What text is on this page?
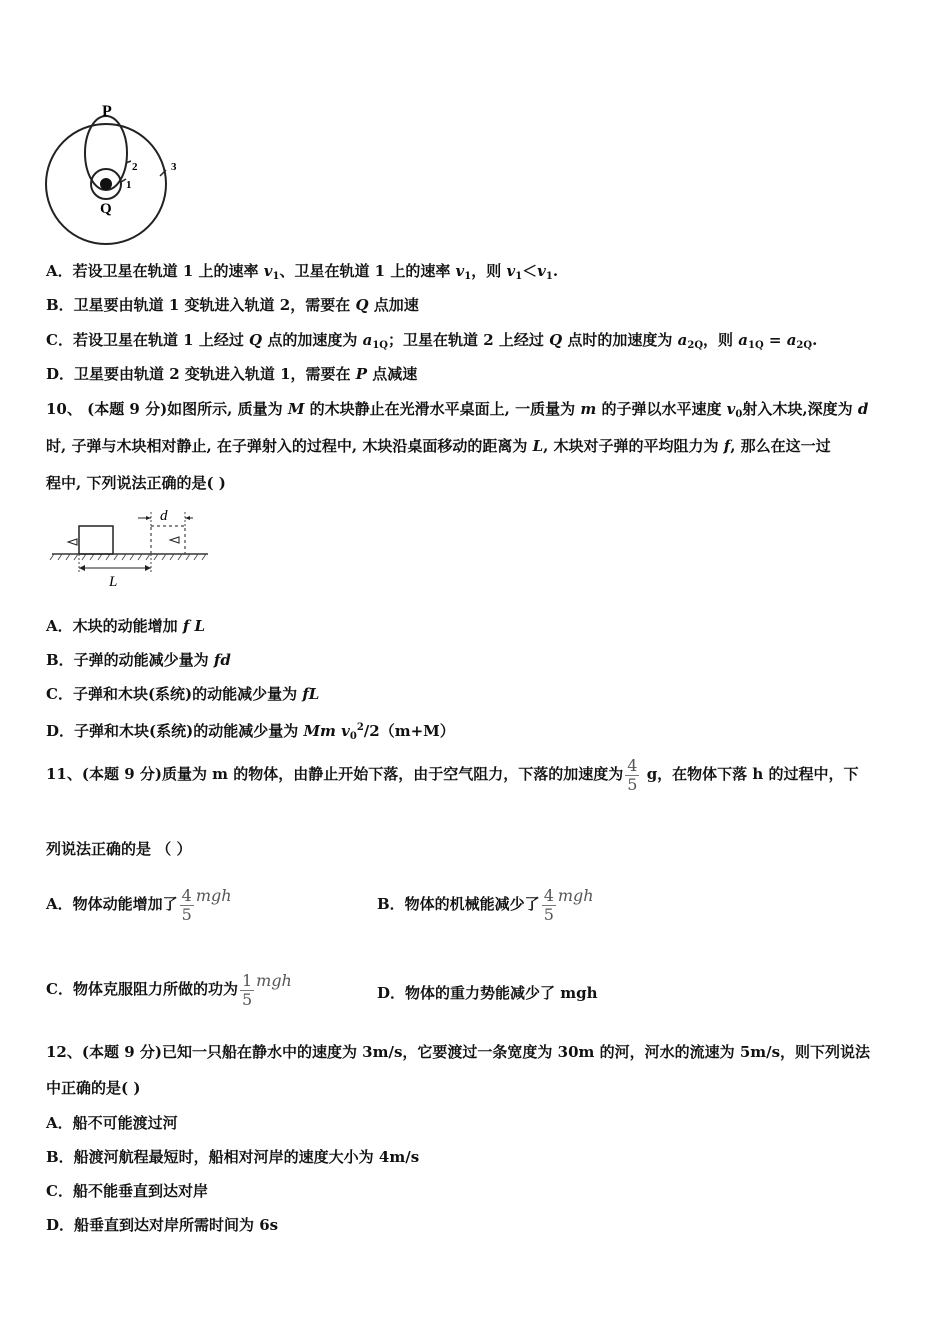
P
Q
1
2	3
A．若设卫星在轨道 1 上的速率 $v_1$、卫星在轨道 1 上的速率 $v_1$，则 $v_1<v_1$.
B．卫星要由轨道 1 变轨进入轨道 2，需要在 Q 点加速
C．若设卫星在轨道 1 上经过 Q 点的加速度为 $a_{1Q}$；卫星在轨道 2 上经过 Q 点时的加速度为 $a_{2Q}$，则 $a_{1Q} = a_{2Q}$.
D．卫星要由轨道 2 变轨进入轨道 1，需要在 P 点减速
10、 (本题 9 分)如图所示, 质量为 M 的木块静止在光滑水平桌面上, 一质量为 m 的子弹以水平速度 $v_0$射入木块,深度为 d
时, 子弹与木块相对静止, 在子弹射入的过程中, 木块沿桌面移动的距离为 L, 木块对子弹的平均阻力为 f, 那么在这一过
程中, 下列说法正确的是( )
d
L
A．木块的动能增加 f L
B．子弹的动能减少量为 fd
C．子弹和木块(系统)的动能减少量为 fL
D．子弹和木块(系统)的动能减少量为 Mm $v_0^2/2(m+M)$
11、(本题 9 分)质量为 m 的物体，由静止开始下落，由于空气阻力，下落的加速度为 $\frac{4}{5}$ g，在物体下落 h 的过程中，下
列说法正确的是 （ ）
A．物体动能增加了 $\frac{4}{5}$ mgh	B．物体的机械能减少了 $\frac{4}{5}$ mgh
C．物体克服阻力所做的功为 $\frac{1}{5}$ mgh
D．物体的重力势能减少了 mgh
12、(本题 9 分)已知一只船在静水中的速度为 3m/s，它要渡过一条宽度为 30m 的河，河水的流速为 5m/s，则下列说法
中正确的是( )
A．船不可能渡过河
B．船渡河航程最短时，船相对河岸的速度大小为 4m/s
C．船不能垂直到达对岸
D．船垂直到达对岸所需时间为 6s
